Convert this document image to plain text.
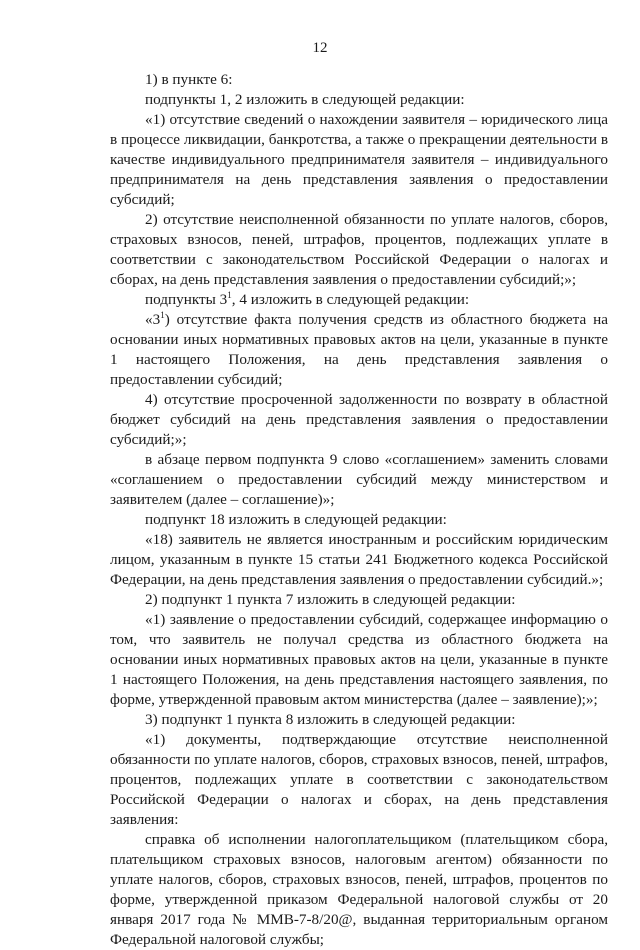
12

1) в пункте 6:

подпункты 1, 2 изложить в следующей редакции:

«1) отсутствие сведений о нахождении заявителя – юридического лица в процессе ликвидации, банкротства, а также о прекращении деятельности в качестве индивидуального предпринимателя заявителя – индивидуального предпринимателя на день представления заявления о предоставлении субсидий;

2) отсутствие неисполненной обязанности по уплате налогов, сборов, страховых взносов, пеней, штрафов, процентов, подлежащих уплате в соответствии с законодательством Российской Федерации о налогах и сборах, на день представления заявления о предоставлении субсидий;»;

подпункты $3^1$, 4 изложить в следующей редакции:

«$3^1$) отсутствие факта получения средств из областного бюджета на основании иных нормативных правовых актов на цели, указанные в пункте 1 настоящего Положения, на день представления заявления о предоставлении субсидий;

4) отсутствие просроченной задолженности по возврату в областной бюджет субсидий на день представления заявления о предоставлении субсидий;»;

в абзаце первом подпункта 9 слово «соглашением» заменить словами «соглашением о предоставлении субсидий между министерством и заявителем (далее – соглашение)»;

подпункт 18 изложить в следующей редакции:

«18) заявитель не является иностранным и российским юридическим лицом, указанным в пункте 15 статьи 241 Бюджетного кодекса Российской Федерации, на день представления заявления о предоставлении субсидий.»;

2) подпункт 1 пункта 7 изложить в следующей редакции:

«1) заявление о предоставлении субсидий, содержащее информацию о том, что заявитель не получал средства из областного бюджета на основании иных нормативных правовых актов на цели, указанные в пункте 1 настоящего Положения, на день представления настоящего заявления, по форме, утвержденной правовым актом министерства (далее – заявление);»;

3) подпункт 1 пункта 8 изложить в следующей редакции:

«1) документы, подтверждающие отсутствие неисполненной обязанности по уплате налогов, сборов, страховых взносов, пеней, штрафов, процентов, подлежащих уплате в соответствии с законодательством Российской Федерации о налогах и сборах, на день представления заявления:

справка об исполнении налогоплательщиком (плательщиком сбора, плательщиком страховых взносов, налоговым агентом) обязанности по уплате налогов, сборов, страховых взносов, пеней, штрафов, процентов по форме, утвержденной приказом Федеральной налоговой службы от 20 января 2017 года № ММВ-7-8/20@, выданная территориальным органом Федеральной налоговой службы;
